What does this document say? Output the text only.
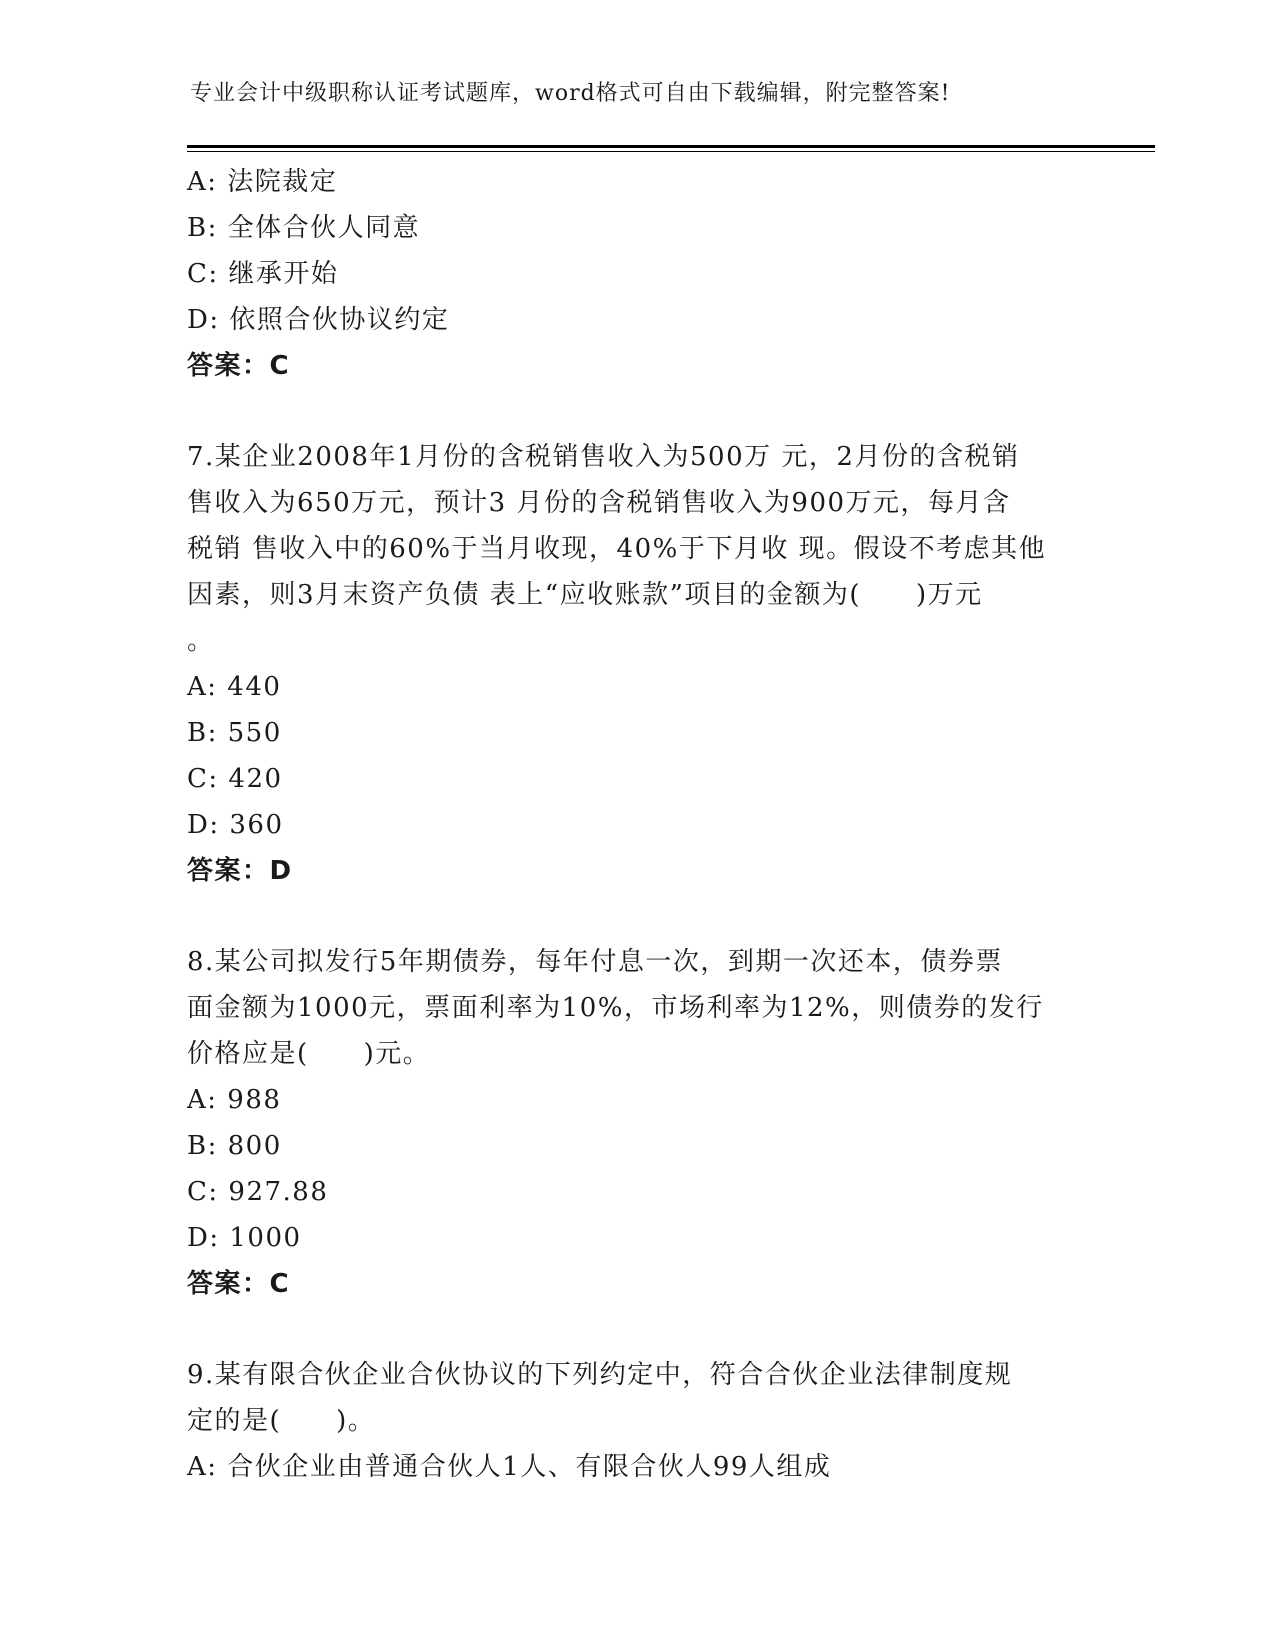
专业会计中级职称认证考试题库，word格式可自由下载编辑，附完整答案!
A: 法院裁定
B: 全体合伙人同意
C: 继承开始
D: 依照合伙协议约定
答案：C
7.某企业2008年1月份的含税销售收入为500万 元，2月份的含税销
售收入为650万元，预计3 月份的含税销售收入为900万元，每月含
税销 售收入中的60%于当月收现，40%于下月收 现。假设不考虑其他
因素，则3月末资产负债 表上“应收账款”项目的金额为(　　)万元
。
A: 440
B: 550
C: 420
D: 360
答案：D
8.某公司拟发行5年期债券，每年付息一次，到期一次还本，债券票
面金额为1000元，票面利率为10%，市场利率为12%，则债券的发行
价格应是(　　)元。
A: 988
B: 800
C: 927.88
D: 1000
答案：C
9.某有限合伙企业合伙协议的下列约定中，符合合伙企业法律制度规
定的是(　　)。
A: 合伙企业由普通合伙人1人、有限合伙人99人组成
